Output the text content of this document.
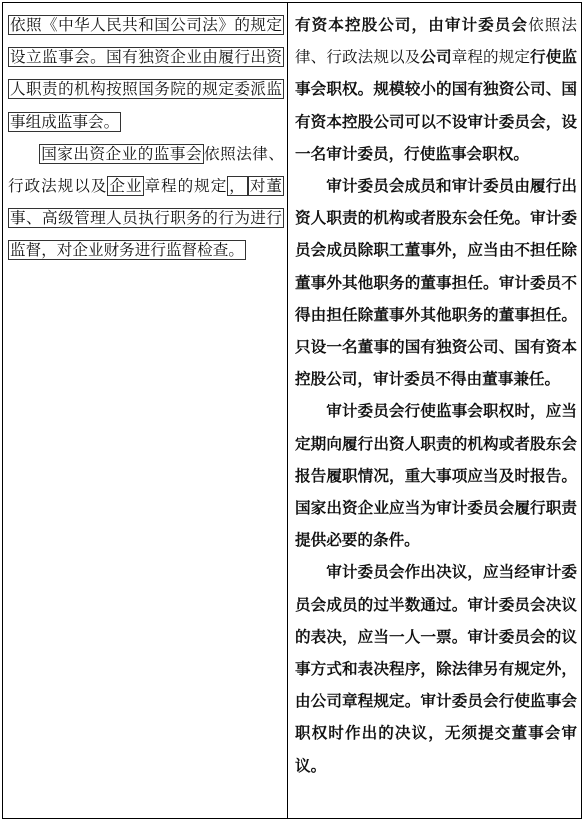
依照《中华人民共和国公司法》的规定设立监事会。国有独资企业由履行出资人职责的机构按照国务院的规定委派监事组成监事会。

国家出资企业的监事会 依照法律、行政法规以及 企业 章程的规定 ， 对董事、高级管理人员执行职务的行为进行监督，对企业财务进行监督检查。

有资本控股公司，由审计委员会依照法律、行政法规以及公司章程的规定行使监事会职权。规模较小的国有独资公司、国有资本控股公司可以不设审计委员会，设一名审计委员，行使监事会职权。

审计委员会成员和审计委员由履行出资人职责的机构或者股东会任免。审计委员会成员除职工董事外，应当由不担任除董事外其他职务的董事担任。审计委员不得由担任除董事外其他职务的董事担任。只设一名董事的国有独资公司、国有资本控股公司，审计委员不得由董事兼任。

审计委员会行使监事会职权时，应当定期向履行出资人职责的机构或者股东会报告履职情况，重大事项应当及时报告。国家出资企业应当为审计委员会履行职责提供必要的条件。

审计委员会作出决议，应当经审计委员会成员的过半数通过。审计委员会决议的表决，应当一人一票。审计委员会的议事方式和表决程序，除法律另有规定外，由公司章程规定。审计委员会行使监事会职权时作出的决议，无须提交董事会审议。
